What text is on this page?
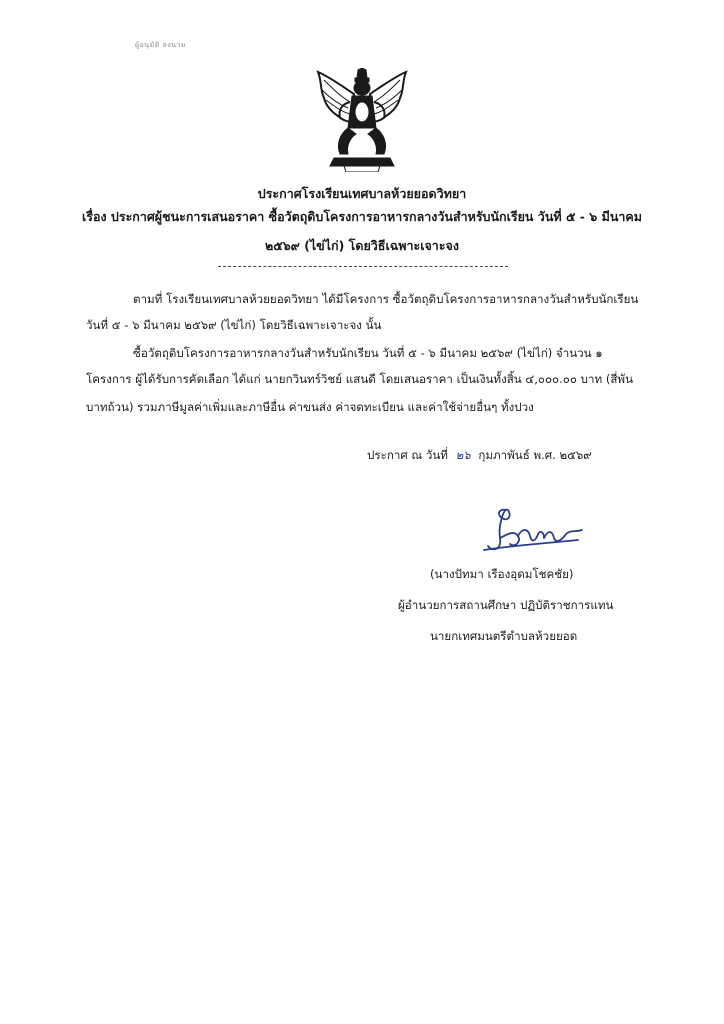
ผู้อนุมัติ ลงนาม
ประกาศโรงเรียนเทศบาลห้วยยอดวิทยา
เรื่อง ประกาศผู้ชนะการเสนอราคา ซื้อวัตถุดิบโครงการอาหารกลางวันสำหรับนักเรียน วันที่ ๕ - ๖ มีนาคม
๒๕๖๙ (ไข่ไก่) โดยวิธีเฉพาะเจาะจง
ตามที่ โรงเรียนเทศบาลห้วยยอดวิทยา ได้มีโครงการ ซื้อวัตถุดิบโครงการอาหารกลางวันสำหรับนักเรียน
วันที่ ๕ - ๖ มีนาคม ๒๕๖๙ (ไข่ไก่) โดยวิธีเฉพาะเจาะจง นั้น
ซื้อวัตถุดิบโครงการอาหารกลางวันสำหรับนักเรียน วันที่ ๕ - ๖ มีนาคม ๒๕๖๙ (ไข่ไก่) จำนวน ๑
โครงการ ผู้ได้รับการคัดเลือก ได้แก่ นายกวินทร์วิชย์ แสนดี โดยเสนอราคา เป็นเงินทั้งสิ้น ๔,๐๐๐.๐๐ บาท (สี่พัน
บาทถ้วน) รวมภาษีมูลค่าเพิ่มและภาษีอื่น ค่าขนส่ง ค่าจดทะเบียน และค่าใช้จ่ายอื่นๆ ทั้งปวง
ประกาศ ณ วันที่ ๒๖ กุมภาพันธ์ พ.ศ. ๒๕๖๙
(นางปัทมา เรืองอุดมโชคชัย)
ผู้อำนวยการสถานศึกษา ปฏิบัติราชการแทน
นายกเทศมนตรีตำบลห้วยยอด
